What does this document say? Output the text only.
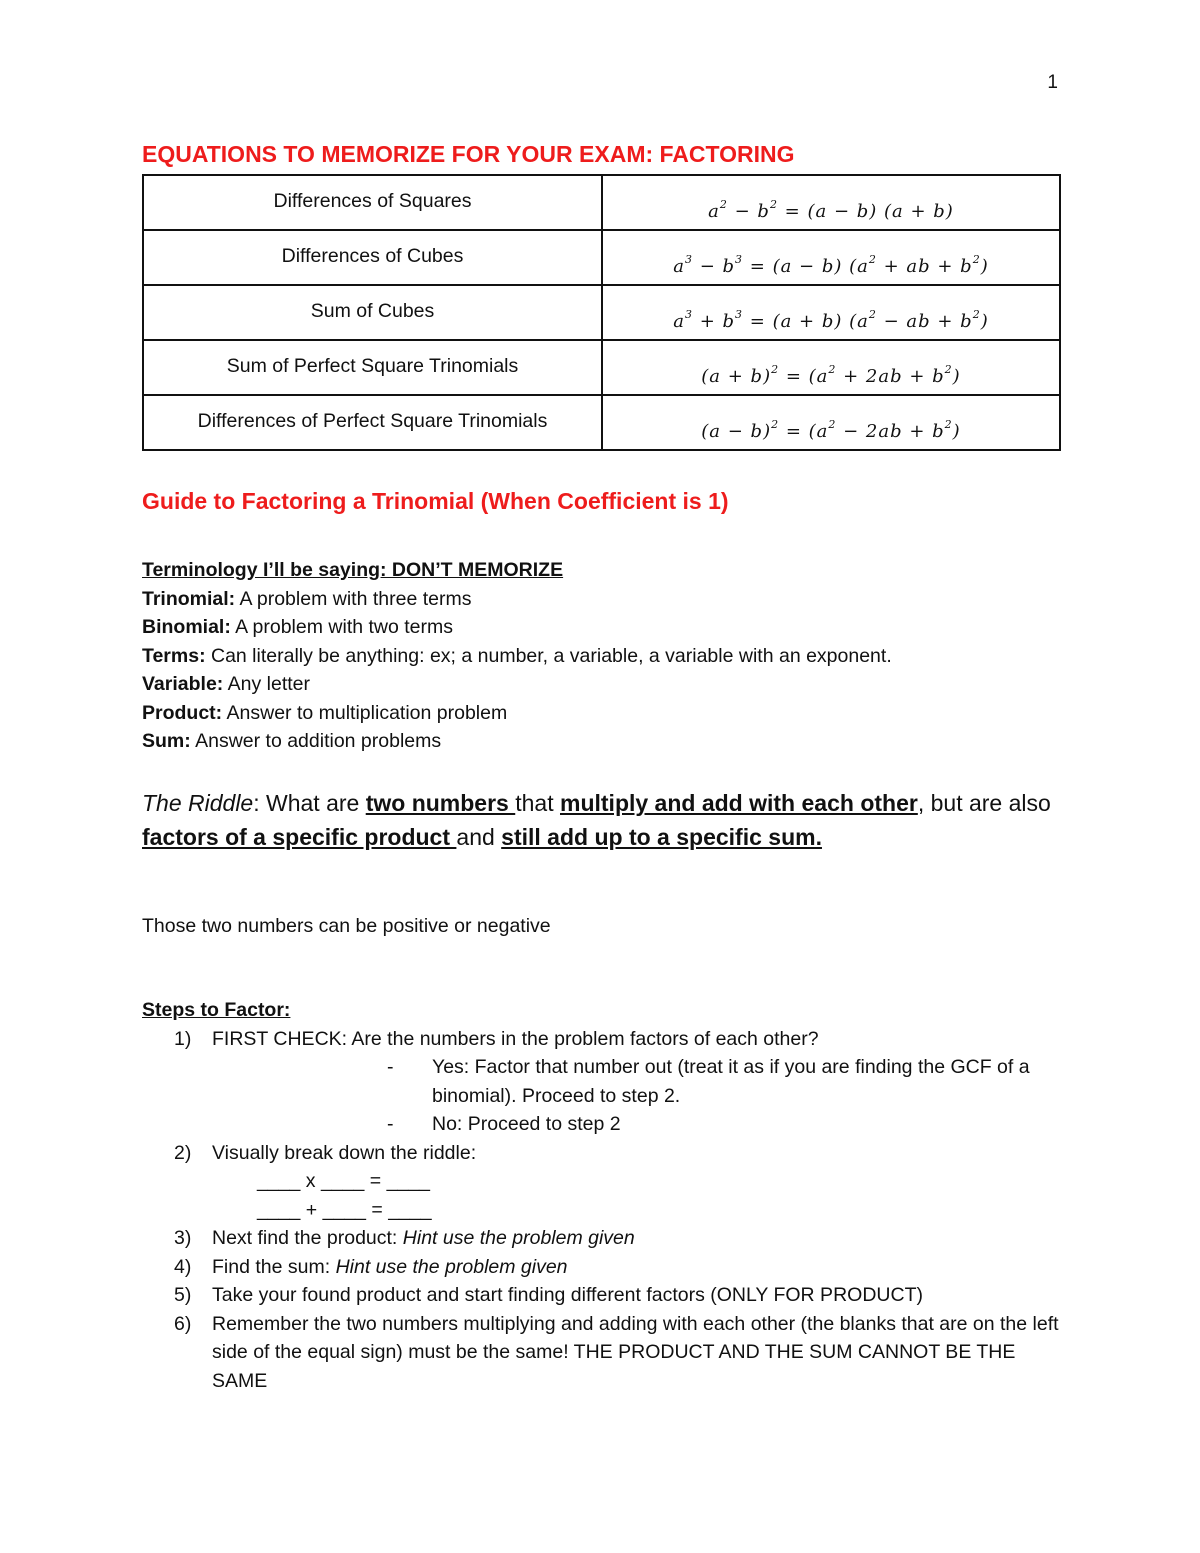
1
EQUATIONS TO MEMORIZE FOR YOUR EXAM: FACTORING
Differences of Squares	$a^2 - b^2 = (a - b) (a + b)$
Differences of Cubes	$a^3 - b^3 = (a - b) (a^2$ + ab + $b^2$)
Sum of Cubes	$a^3 + b^3 = (a + b) (a^2$ − ab + $b^2$)
Sum of Perfect Square Trinomials	$(a + b)^2 = (a^2 + 2ab + b^2)$
Differences of Perfect Square Trinomials	$(a - b)^2 = (a^2 - 2ab + b^2)$
Guide to Factoring a Trinomial (When Coefficient is 1)
Terminology I’ll be saying: DON’T MEMORIZE
Trinomial: A problem with three terms
Binomial: A problem with two terms
Terms: Can literally be anything: ex; a number, a variable, a variable with an exponent.
Variable: Any letter
Product: Answer to multiplication problem
Sum: Answer to addition problems
The Riddle: What are two numbers that multiply and add with each other, but are also factors of a specific product and still add up to a specific sum.
Those two numbers can be positive or negative
Steps to Factor:
1) FIRST CHECK: Are the numbers in the problem factors of each other?
-	Yes: Factor that number out (treat it as if you are finding the GCF of a binomial). Proceed to step 2.
- No: Proceed to step 2
2) Visually break down the riddle:
____ x ____ = ____
____ + ____ = ____
3) Next find the product: Hint use the problem given
4) Find the sum: Hint use the problem given
5) Take your found product and start finding different factors (ONLY FOR PRODUCT)
6) Remember the two numbers multiplying and adding with each other (the blanks that are on the left side of the equal sign) must be the same! THE PRODUCT AND THE SUM CANNOT BE THE SAME
